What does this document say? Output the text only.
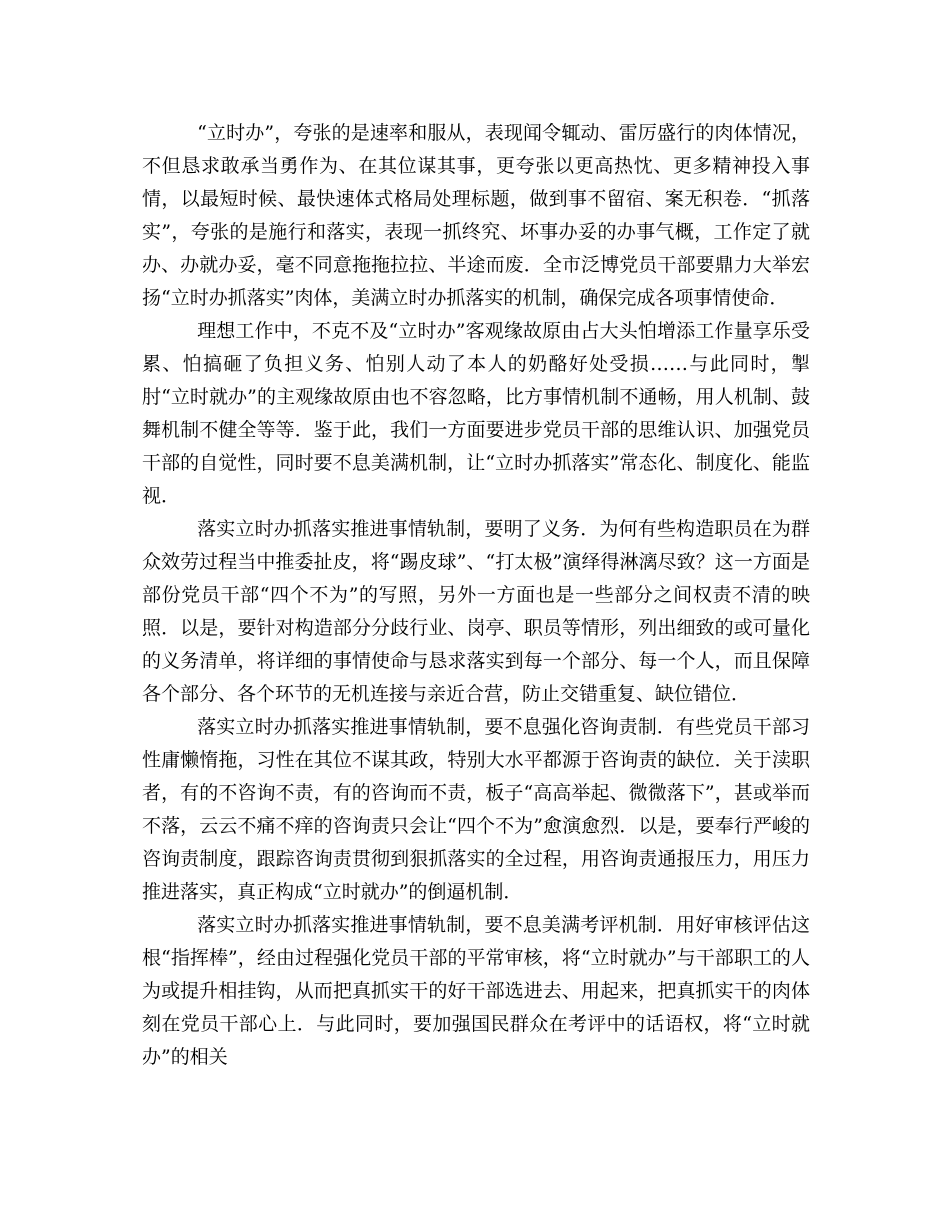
“立时办”，夸张的是速率和服从，表现闻令辄动、雷厉盛行的肉体情况，不但恳求敢承当勇作为、在其位谋其事，更夸张以更高热忱、更多精神投入事情，以最短时候、最快速体式格局处理标题，做到事不留宿、案无积卷．“抓落实”，夸张的是施行和落实，表现一抓终究、坏事办妥的办事气概，工作定了就办、办就办妥，毫不同意拖拖拉拉、半途而废．全市泛博党员干部要鼎力大举宏扬“立时办抓落实”肉体，美满立时办抓落实的机制，确保完成各项事情使命．

理想工作中，不克不及“立时办”客观缘故原由占大头怕增添工作量享乐受累、怕搞砸了负担义务、怕别人动了本人的奶酪好处受损……与此同时，掣肘“立时就办”的主观缘故原由也不容忽略，比方事情机制不通畅，用人机制、鼓舞机制不健全等等．鉴于此，我们一方面要进步党员干部的思维认识、加强党员干部的自觉性，同时要不息美满机制，让“立时办抓落实”常态化、制度化、能监视．

落实立时办抓落实推进事情轨制，要明了义务．为何有些构造职员在为群众效劳过程当中推委扯皮，将“踢皮球”、“打太极”演绎得淋漓尽致？这一方面是部份党员干部“四个不为”的写照，另外一方面也是一些部分之间权责不清的映照．以是，要针对构造部分分歧行业、岗亭、职员等情形，列出细致的或可量化的义务清单，将详细的事情使命与恳求落实到每一个部分、每一个人，而且保障各个部分、各个环节的无机连接与亲近合营，防止交错重复、缺位错位．

落实立时办抓落实推进事情轨制，要不息强化咨询责制．有些党员干部习性庸懒惰拖，习性在其位不谋其政，特别大水平都源于咨询责的缺位．关于渎职者，有的不咨询不责，有的咨询而不责，板子“高高举起、微微落下”，甚或举而不落，云云不痛不痒的咨询责只会让“四个不为”愈演愈烈．以是，要奉行严峻的咨询责制度，跟踪咨询责贯彻到狠抓落实的全过程，用咨询责通报压力，用压力推进落实，真正构成“立时就办”的倒逼机制．

落实立时办抓落实推进事情轨制，要不息美满考评机制．用好审核评估这根“指挥棒”，经由过程强化党员干部的平常审核，将“立时就办”与干部职工的人为或提升相挂钩，从而把真抓实干的好干部选进去、用起来，把真抓实干的肉体刻在党员干部心上．与此同时，要加强国民群众在考评中的话语权，将“立时就办”的相关
